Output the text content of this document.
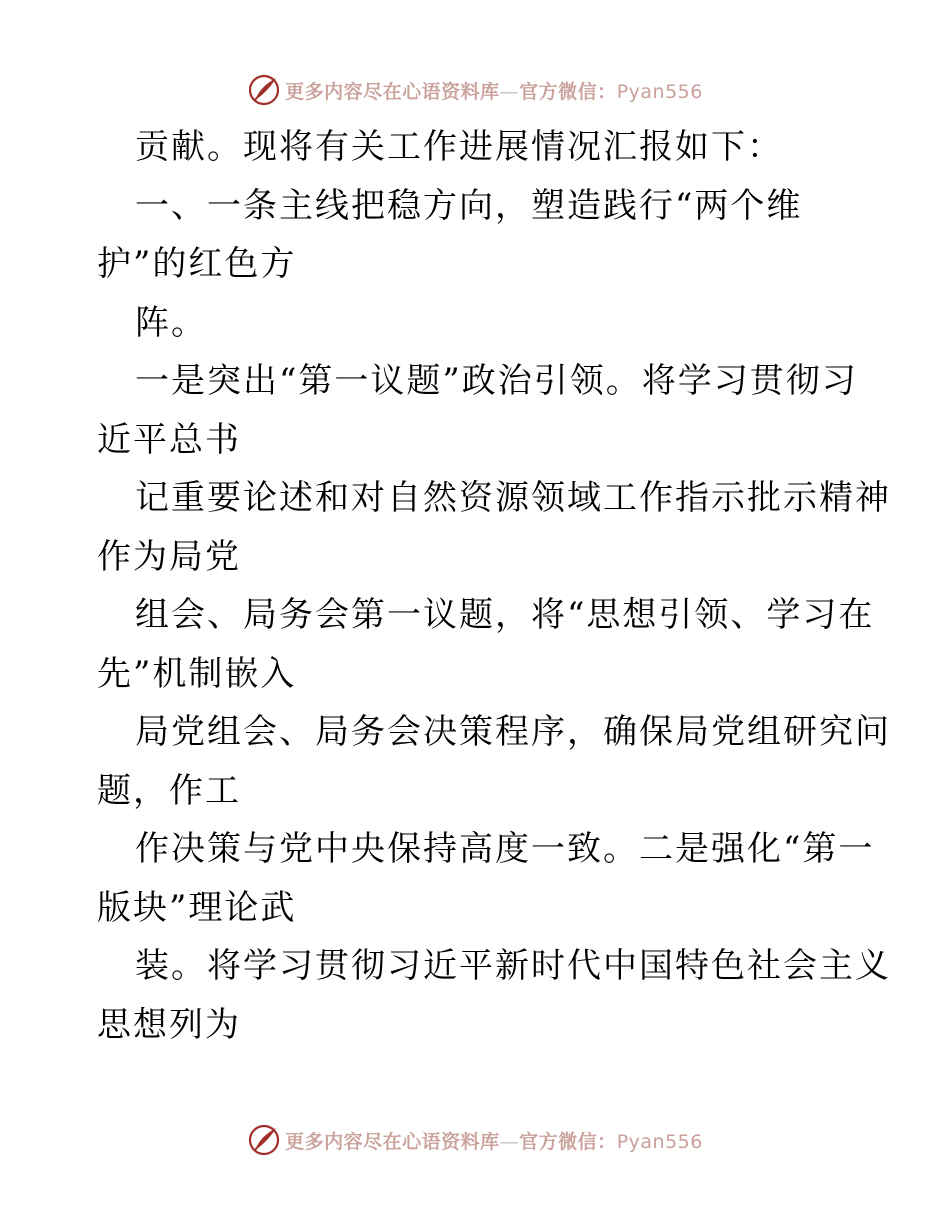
更多内容尽在心语资料库—官方微信：Pyan556
贡献。现将有关工作进展情况汇报如下：
一、一条主线把稳方向，塑造践行“两个维
护”的红色方
阵。
一是突出“第一议题”政治引领。将学习贯彻习
近平总书
记重要论述和对自然资源领域工作指示批示精神
作为局党
组会、局务会第一议题，将“思想引领、学习在
先”机制嵌入
局党组会、局务会决策程序，确保局党组研究问
题，作工
作决策与党中央保持高度一致。二是强化“第一
版块”理论武
装。将学习贯彻习近平新时代中国特色社会主义
思想列为
更多内容尽在心语资料库—官方微信：Pyan556
